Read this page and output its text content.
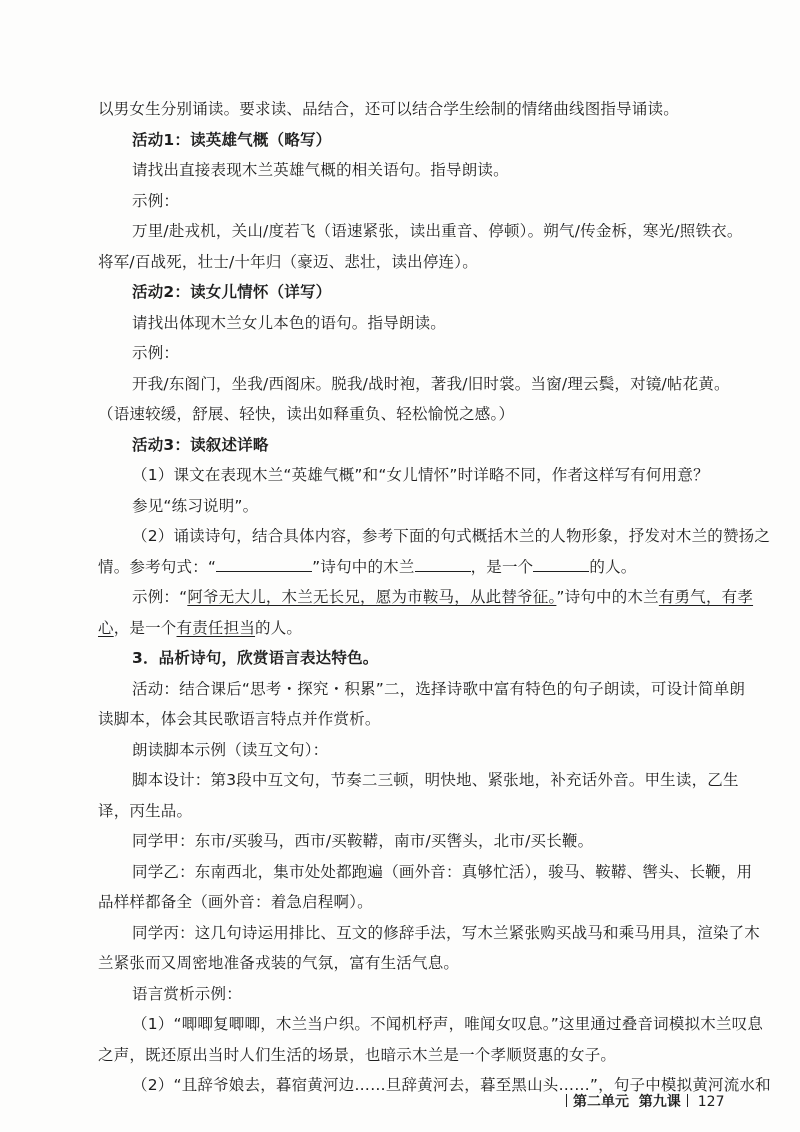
以男女生分别诵读。要求读、品结合，还可以结合学生绘制的情绪曲线图指导诵读。
活动1：读英雄气概（略写）
请找出直接表现木兰英雄气概的相关语句。指导朗读。
示例：
万里/赴戎机，关山/度若飞（语速紧张，读出重音、停顿）。朔气/传金柝，寒光/照铁衣。
将军/百战死，壮士/十年归（豪迈、悲壮，读出停连）。
活动2：读女儿情怀（详写）
请找出体现木兰女儿本色的语句。指导朗读。
示例：
开我/东阁门，坐我/西阁床。脱我/战时袍，著我/旧时裳。当窗/理云鬓，对镜/帖花黄。
（语速较缓，舒展、轻快，读出如释重负、轻松愉悦之感。）
活动3：读叙述详略
（1）课文在表现木兰“英雄气概”和“女儿情怀”时详略不同，作者这样写有何用意？
参见“练习说明”。
（2）诵读诗句，结合具体内容，参考下面的句式概括木兰的人物形象，抒发对木兰的赞扬之
情。参考句式：“	”诗句中的木兰	，是一个	的人。
示例：“阿爷无大儿，木兰无长兄，愿为市鞍马，从此替爷征。”诗句中的木兰有勇气，有孝
心，是一个有责任担当的人。
3．品析诗句，欣赏语言表达特色。
活动：结合课后“思考・探究・积累”二，选择诗歌中富有特色的句子朗读，可设计简单朗
读脚本，体会其民歌语言特点并作赏析。
朗读脚本示例（读互文句）：
脚本设计：第3段中互文句，节奏二三顿，明快地、紧张地，补充话外音。甲生读，乙生
译，丙生品。
同学甲：东市/买骏马，西市/买鞍鞯，南市/买辔头，北市/买长鞭。
同学乙：东南西北，集市处处都跑遍（画外音：真够忙活），骏马、鞍鞯、辔头、长鞭，用
品样样都备全（画外音：着急启程啊）。
同学丙：这几句诗运用排比、互文的修辞手法，写木兰紧张购买战马和乘马用具，渲染了木
兰紧张而又周密地准备戎装的气氛，富有生活气息。
语言赏析示例：
（1）“唧唧复唧唧，木兰当户织。不闻机杼声，唯闻女叹息。”这里通过叠音词模拟木兰叹息
之声，既还原出当时人们生活的场景，也暗示木兰是一个孝顺贤惠的女子。
（2）“且辞爷娘去，暮宿黄河边……旦辞黄河去，暮至黑山头……”，句子中模拟黄河流水和
第二单元 第九课 127
